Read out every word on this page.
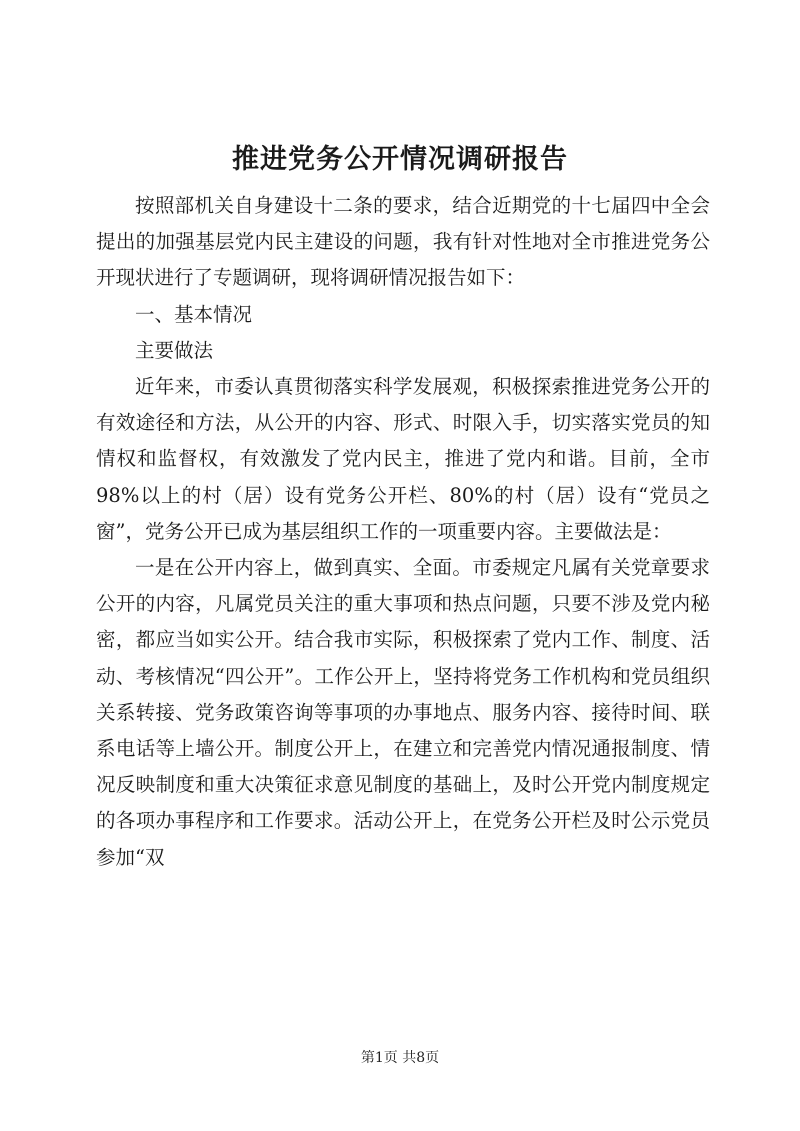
推进党务公开情况调研报告

按照部机关自身建设十二条的要求，结合近期党的十七届四中全会提出的加强基层党内民主建设的问题，我有针对性地对全市推进党务公开现状进行了专题调研，现将调研情况报告如下：

一、基本情况

主要做法

近年来，市委认真贯彻落实科学发展观，积极探索推进党务公开的有效途径和方法，从公开的内容、形式、时限入手，切实落实党员的知情权和监督权，有效激发了党内民主，推进了党内和谐。目前，全市98%以上的村（居）设有党务公开栏、80%的村（居）设有“党员之窗”，党务公开已成为基层组织工作的一项重要内容。主要做法是：

一是在公开内容上，做到真实、全面。市委规定凡属有关党章要求公开的内容，凡属党员关注的重大事项和热点问题，只要不涉及党内秘密，都应当如实公开。结合我市实际，积极探索了党内工作、制度、活动、考核情况“四公开”。工作公开上，坚持将党务工作机构和党员组织关系转接、党务政策咨询等事项的办事地点、服务内容、接待时间、联系电话等上墙公开。制度公开上，在建立和完善党内情况通报制度、情况反映制度和重大决策征求意见制度的基础上，及时公开党内制度规定的各项办事程序和工作要求。活动公开上，在党务公开栏及时公示党员参加“双

第1页 共8页
